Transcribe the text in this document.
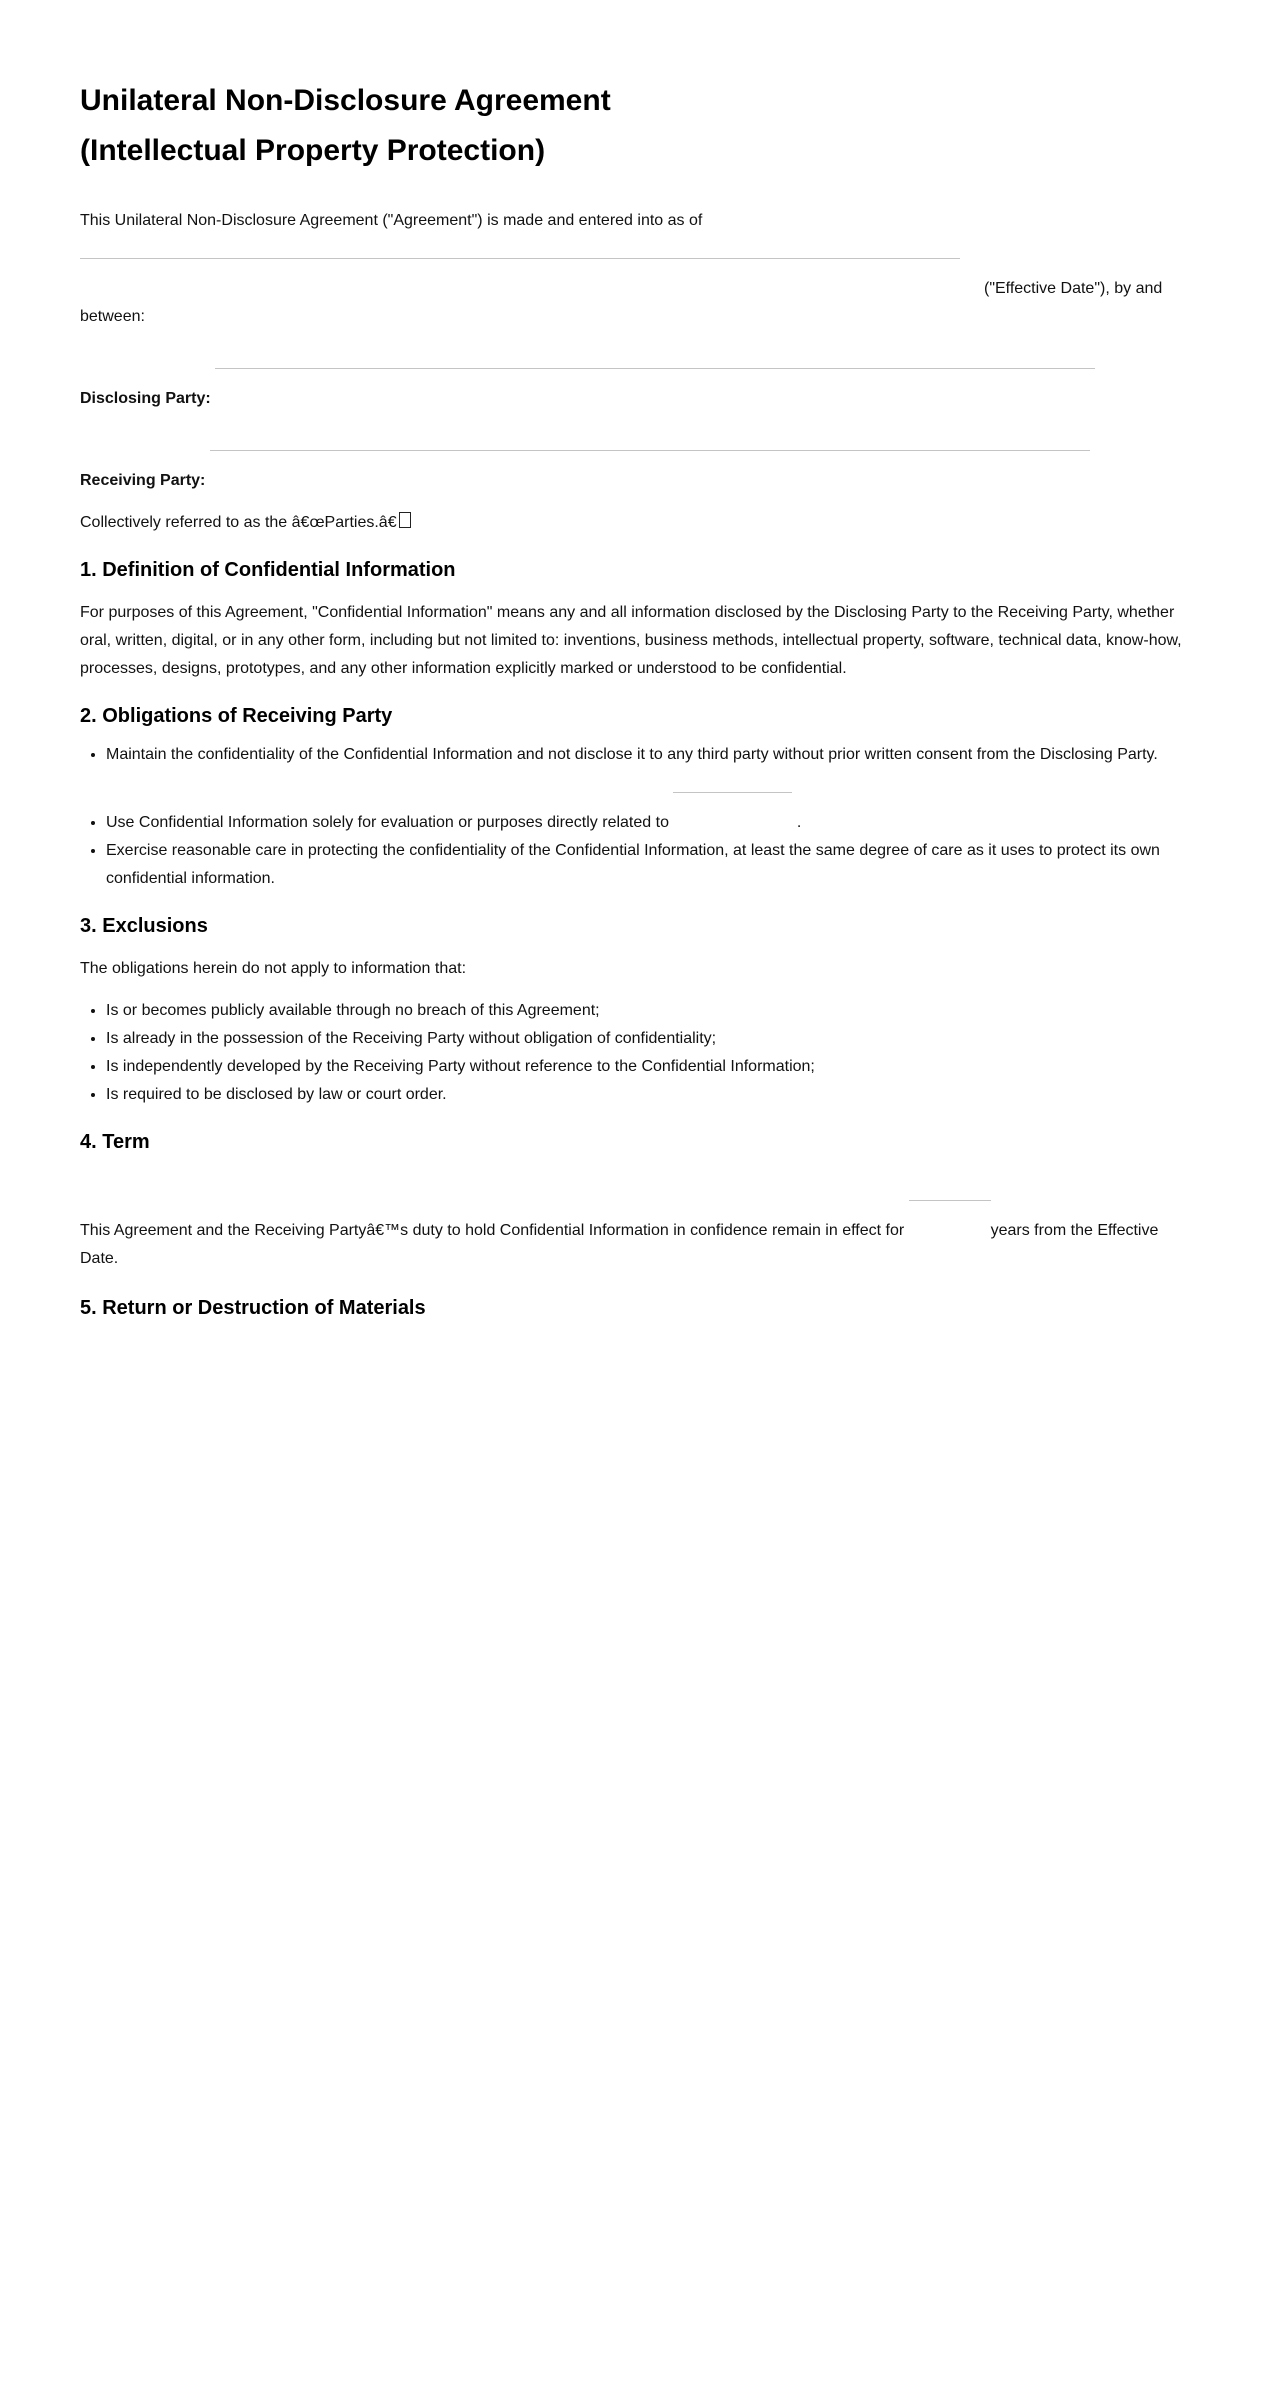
Unilateral Non-Disclosure Agreement
(Intellectual Property Protection)

This Unilateral Non-Disclosure Agreement ("Agreement") is made and entered into as of ("Effective Date"), by and between:

Disclosing Party:

Receiving Party:

Collectively referred to as the â€œParties.â€

1. Definition of Confidential Information

For purposes of this Agreement, "Confidential Information" means any and all information disclosed by the Disclosing Party to the Receiving Party, whether oral, written, digital, or in any other form, including but not limited to: inventions, business methods, intellectual property, software, technical data, know-how, processes, designs, prototypes, and any other information explicitly marked or understood to be confidential.

2. Obligations of Receiving Party
• Maintain the confidentiality of the Confidential Information and not disclose it to any third party without prior written consent from the Disclosing Party.
• Use Confidential Information solely for evaluation or purposes directly related to	.
• Exercise reasonable care in protecting the confidentiality of the Confidential Information, at least the same degree of care as it uses to protect its own confidential information.
3. Exclusions

The obligations herein do not apply to information that:

• Is or becomes publicly available through no breach of this Agreement;
• Is already in the possession of the Receiving Party without obligation of confidentiality;
• Is independently developed by the Receiving Party without reference to the Confidential Information;
• Is required to be disclosed by law or court order.
4. Term

This Agreement and the Receiving Partyâ€™s duty to hold Confidential Information in confidence remain in effect for	years from the Effective Date.

5. Return or Destruction of Materials
